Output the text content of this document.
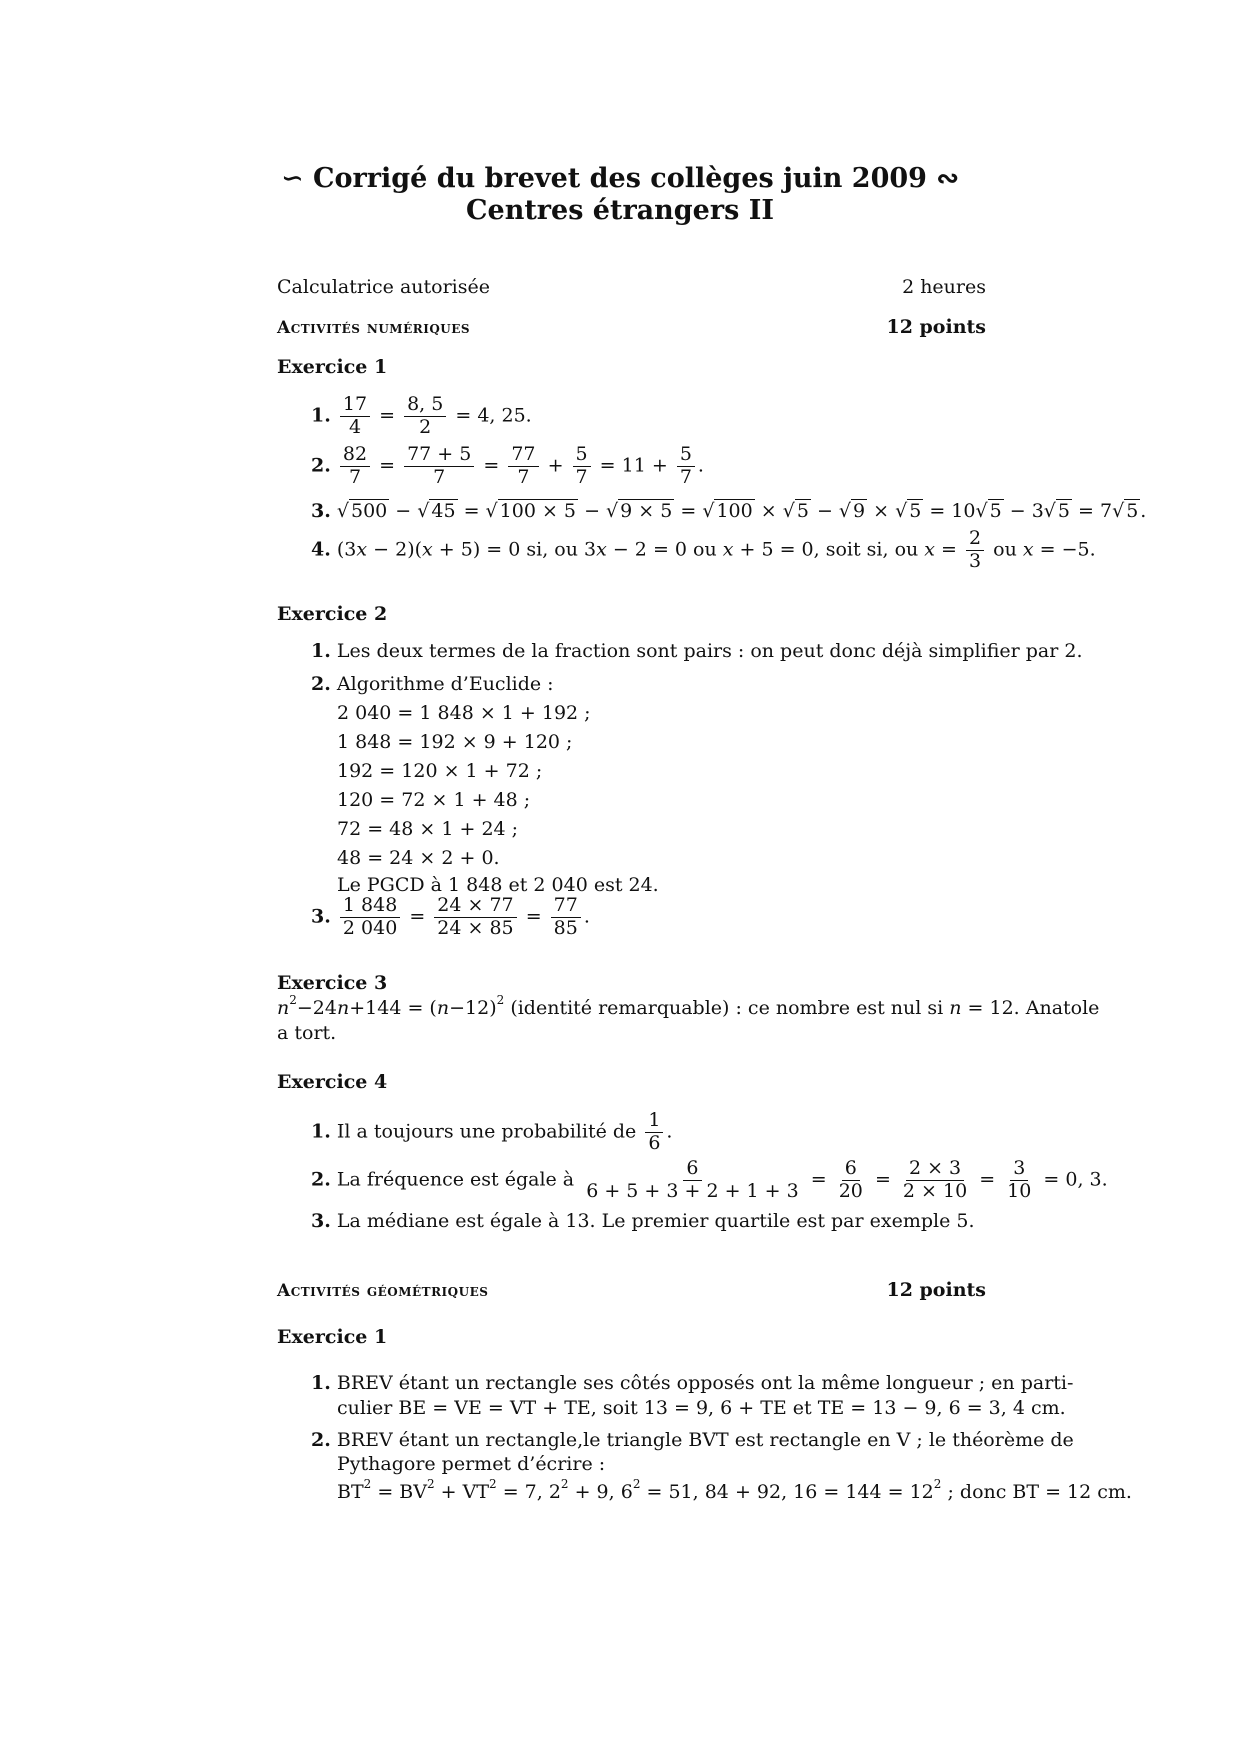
∽ Corrigé du brevet des collèges juin 2009 ∾
Centres étrangers II
Calculatrice autorisée	2 heures
Activités numériques	12 points
Exercice 1
1. $\frac{17}{4} = \frac{8, 5}{2} = 4$, 25.
2. $\frac{82}{7} = \frac{77 + 5}{7} = \frac{77}{7} + \frac{5}{7} = 11 + \frac{5}{7}$ .
3. √ 500 − √ 45 = √ 100 × 5 − √ 9 × 5 = √ 100 × √ 5 − √ 9 × √ 5 = 10√ 5 − 3√ 5 = 7√ 5 .
4. (3x − 2)(x + 5) = 0 si, ou 3x − 2 = 0 ou x + 5 = 0, soit si, ou $x = \frac{2}{3}$ ou x = −5.
Exercice 2
1. Les deux termes de la fraction sont pairs : on peut donc déjà simplifier par 2.
2. Algorithme d’Euclide :
2 040 = 1 848 × 1 + 192 ;
1 848 = 192 × 9 + 120 ;
192 = 120 × 1 + 72 ;
120 = 72 × 1 + 48 ;
72 = 48 × 1 + 24 ;
48 = 24 × 2 + 0.
Le PGCD à 1 848 et 2 040 est 24.
3. $\frac{1 848}{2 040} = \frac{24 \times 77}{24 \times 85} = \frac{77}{85}$ .
Exercice 3
$n^2-24n+144 = (n-12)^2$ (identité remarquable) : ce nombre est nul si n = 12. Anatole
a tort.
Exercice 4
1. Il a toujours une probabilité de $\frac{1}{6}$ .
2. La fréquence est égale à $\frac{6}{6 + 5 + 3 + 2 + 1 + 3} = \frac{6}{20} = \frac{2 \times 3}{2 \times 10} = \frac{3}{10} = 0$, 3.
3. La médiane est égale à 13. Le premier quartile est par exemple 5.
Activités géométriques	12 points
Exercice 1
1. BREV étant un rectangle ses côtés opposés ont la même longueur ; en parti-
culier BE = VE = VT + TE, soit 13 = 9, 6 + TE et TE = 13 − 9, 6 = 3, 4 cm.
2. BREV étant un rectangle,le triangle BVT est rectangle en V ; le théorème de
Pythagore permet d’écrire :
$BT^2 = BV^2 + VT^2 = 7$, $2^2 + 9$, $6^2 = 51$, 84 + 92, $16 = 144 = 12^2$ ; donc BT = 12 cm.
